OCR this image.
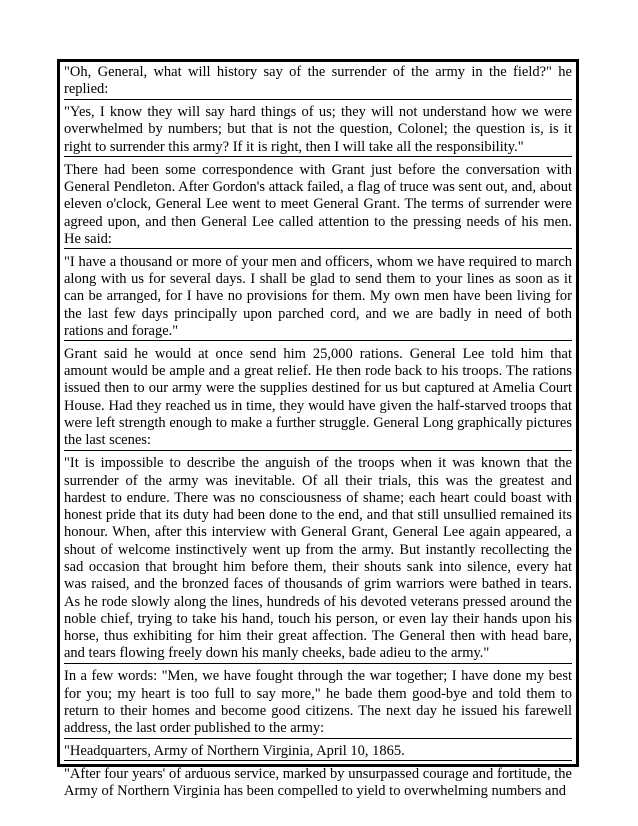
"Oh, General, what will history say of the surrender of the army in the field?" he replied:

"Yes, I know they will say hard things of us; they will not understand how we were overwhelmed by numbers; but that is not the question, Colonel; the question is, is it right to surrender this army? If it is right, then I will take all the responsibility."

There had been some correspondence with Grant just before the conversation with General Pendleton. After Gordon's attack failed, a flag of truce was sent out, and, about eleven o'clock, General Lee went to meet General Grant. The terms of surrender were agreed upon, and then General Lee called attention to the pressing needs of his men. He said:

"I have a thousand or more of your men and officers, whom we have required to march along with us for several days. I shall be glad to send them to your lines as soon as it can be arranged, for I have no provisions for them. My own men have been living for the last few days principally upon parched cord, and we are badly in need of both rations and forage."

Grant said he would at once send him 25,000 rations. General Lee told him that amount would be ample and a great relief. He then rode back to his troops. The rations issued then to our army were the supplies destined for us but captured at Amelia Court House. Had they reached us in time, they would have given the half-starved troops that were left strength enough to make a further struggle. General Long graphically pictures the last scenes:

"It is impossible to describe the anguish of the troops when it was known that the surrender of the army was inevitable. Of all their trials, this was the greatest and hardest to endure. There was no consciousness of shame; each heart could boast with honest pride that its duty had been done to the end, and that still unsullied remained its honour. When, after this interview with General Grant, General Lee again appeared, a shout of welcome instinctively went up from the army. But instantly recollecting the sad occasion that brought him before them, their shouts sank into silence, every hat was raised, and the bronzed faces of thousands of grim warriors were bathed in tears. As he rode slowly along the lines, hundreds of his devoted veterans pressed around the noble chief, trying to take his hand, touch his person, or even lay their hands upon his horse, thus exhibiting for him their great affection. The General then with head bare, and tears flowing freely down his manly cheeks, bade adieu to the army."

In a few words: "Men, we have fought through the war together; I have done my best for you; my heart is too full to say more," he bade them good-bye and told them to return to their homes and become good citizens. The next day he issued his farewell address, the last order published to the army:

"Headquarters, Army of Northern Virginia, April 10, 1865.

"After four years' of arduous service, marked by unsurpassed courage and fortitude, the Army of Northern Virginia has been compelled to yield to overwhelming numbers and
